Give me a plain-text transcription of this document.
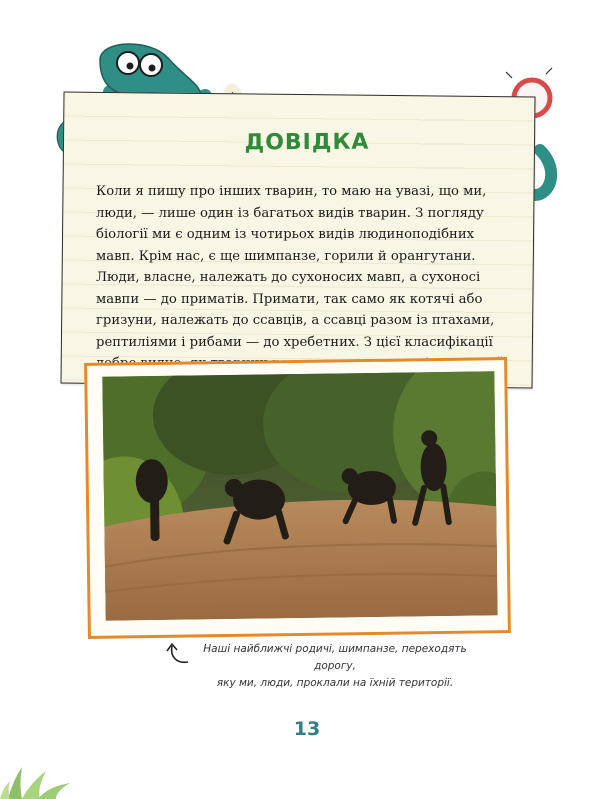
ДОВІДКА
Коли я пишу про інших тварин, то маю на увазі, що ми, люди, — лише один із багатьох видів тварин. З погляду біології ми є одним із чотирьох видів людиноподібних мавп. Крім нас, є ще шимпанзе, горили й орангутани. Люди, власне, належать до сухоносих мавп, а сухоносі мавпи — до приматів. Примати, так само як котячі або гризуни, належать до ссавців, а ссавці разом із птахами, рептиліями і рибами — до хребетних. З цієї класифікації
Наші найближчі родичі, шимпанзе, переходять дорогу,
яку ми, люди, проклали на їхній території.
13
